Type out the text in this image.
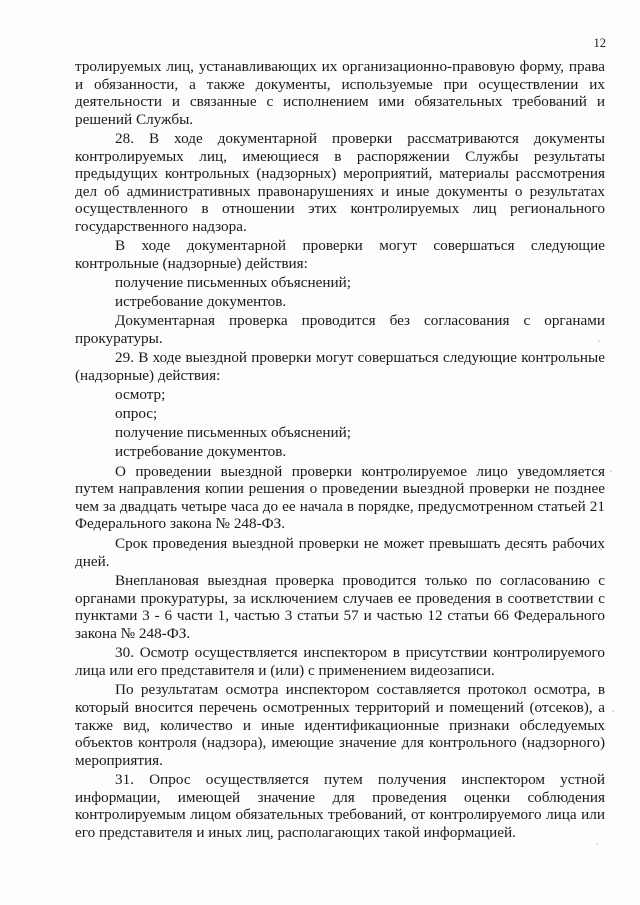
12

тролируемых лиц, устанавливающих их организационно-правовую форму, права и обязанности, а также документы, используемые при осуществлении их деятельности и связанные с исполнением ими обязательных требований и решений Службы.

28. В ходе документарной проверки рассматриваются документы контролируемых лиц, имеющиеся в распоряжении Службы результаты предыдущих контрольных (надзорных) мероприятий, материалы рассмотрения дел об административных правонарушениях и иные документы о результатах осуществленного в отношении этих контролируемых лиц регионального государственного надзора.

В ходе документарной проверки могут совершаться следующие контрольные (надзорные) действия:

получение письменных объяснений;

истребование документов.

Документарная проверка проводится без согласования с органами прокуратуры.

29. В ходе выездной проверки могут совершаться следующие контрольные (надзорные) действия:

осмотр;

опрос;

получение письменных объяснений;

истребование документов.

О проведении выездной проверки контролируемое лицо уведомляется путем направления копии решения о проведении выездной проверки не позднее чем за двадцать четыре часа до ее начала в порядке, предусмотренном статьей 21 Федерального закона № 248-ФЗ.

Срок проведения выездной проверки не может превышать десять рабочих дней.

Внеплановая выездная проверка проводится только по согласованию с органами прокуратуры, за исключением случаев ее проведения в соответствии с пунктами 3 - 6 части 1, частью 3 статьи 57 и частью 12 статьи 66 Федерального закона № 248-ФЗ.

30. Осмотр осуществляется инспектором в присутствии контролируемого лица или его представителя и (или) с применением видеозаписи.

По результатам осмотра инспектором составляется протокол осмотра, в который вносится перечень осмотренных территорий и помещений (отсеков), а также вид, количество и иные идентификационные признаки обследуемых объектов контроля (надзора), имеющие значение для контрольного (надзорного) мероприятия.

31. Опрос осуществляется путем получения инспектором устной информации, имеющей значение для проведения оценки соблюдения контролируемым лицом обязательных требований, от контролируемого лица или его представителя и иных лиц, располагающих такой информацией.
